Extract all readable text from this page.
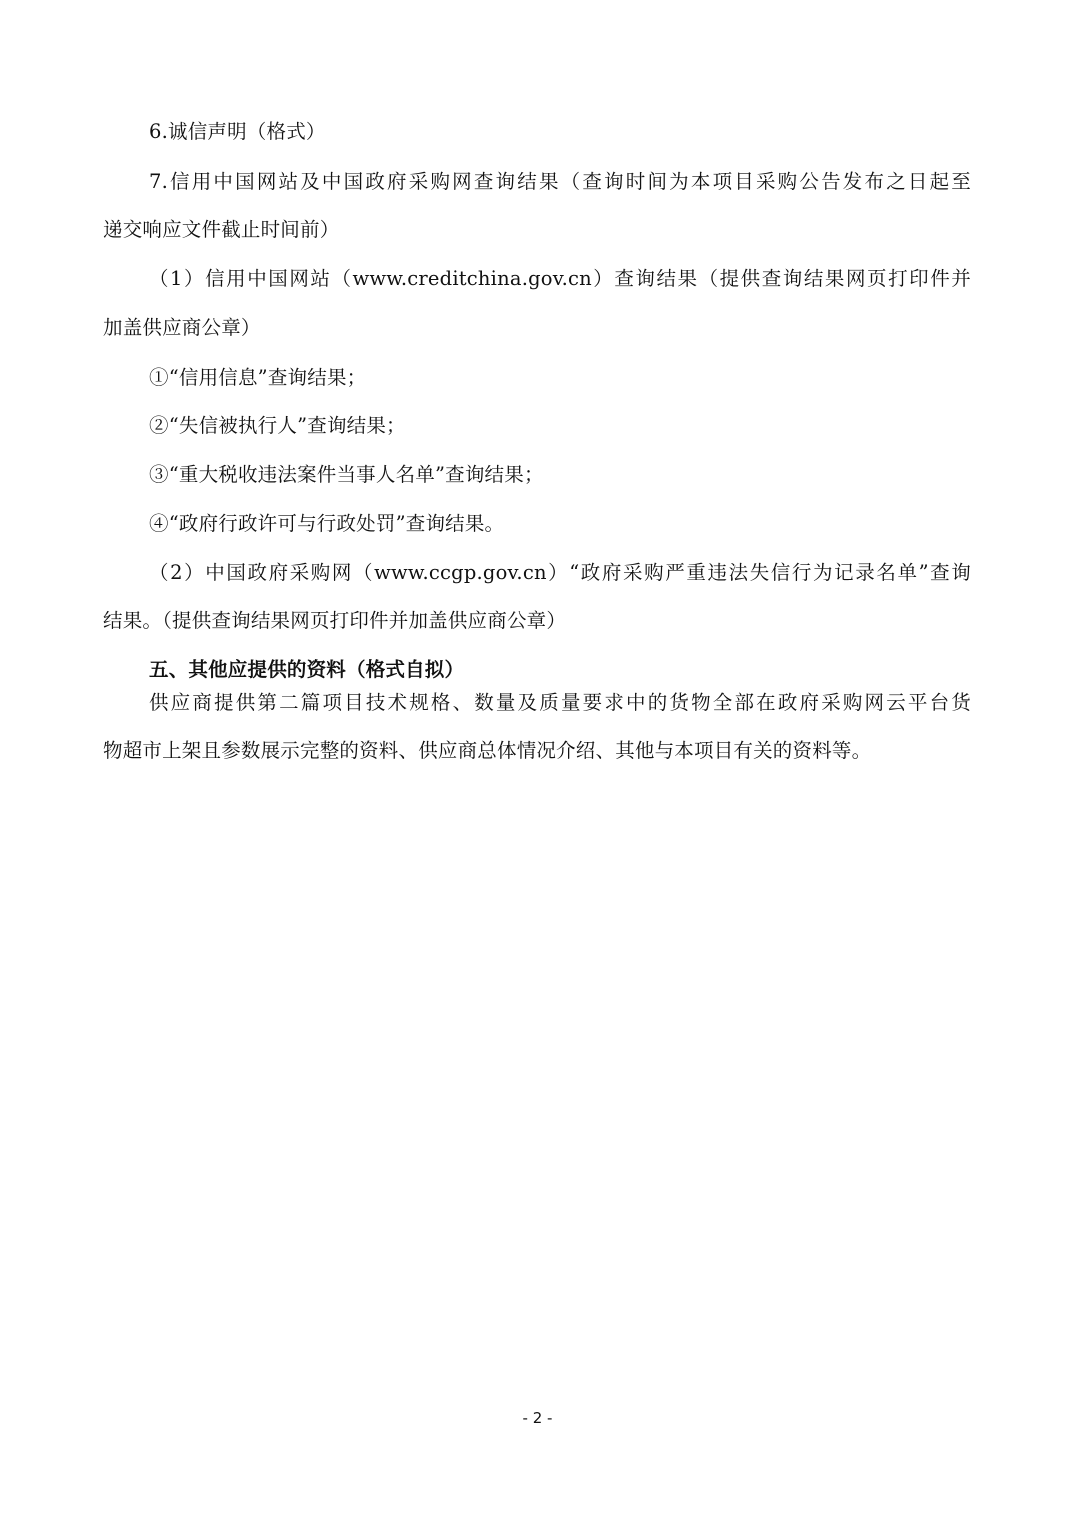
6.诚信声明（格式）
7.信用中国网站及中国政府采购网查询结果（查询时间为本项目采购公告发布之日起至
递交响应文件截止时间前）
（1）信用中国网站（www.creditchina.gov.cn）查询结果（提供查询结果网页打印件并
加盖供应商公章）
①“信用信息”查询结果；
②“失信被执行人”查询结果；
③“重大税收违法案件当事人名单”查询结果；
④“政府行政许可与行政处罚”查询结果。
（2）中国政府采购网（www.ccgp.gov.cn）“政府采购严重违法失信行为记录名单”查询
结果。（提供查询结果网页打印件并加盖供应商公章）
五、其他应提供的资料（格式自拟）
供应商提供第二篇项目技术规格、数量及质量要求中的货物全部在政府采购网云平台货
物超市上架且参数展示完整的资料、供应商总体情况介绍、其他与本项目有关的资料等。
- 2 -
